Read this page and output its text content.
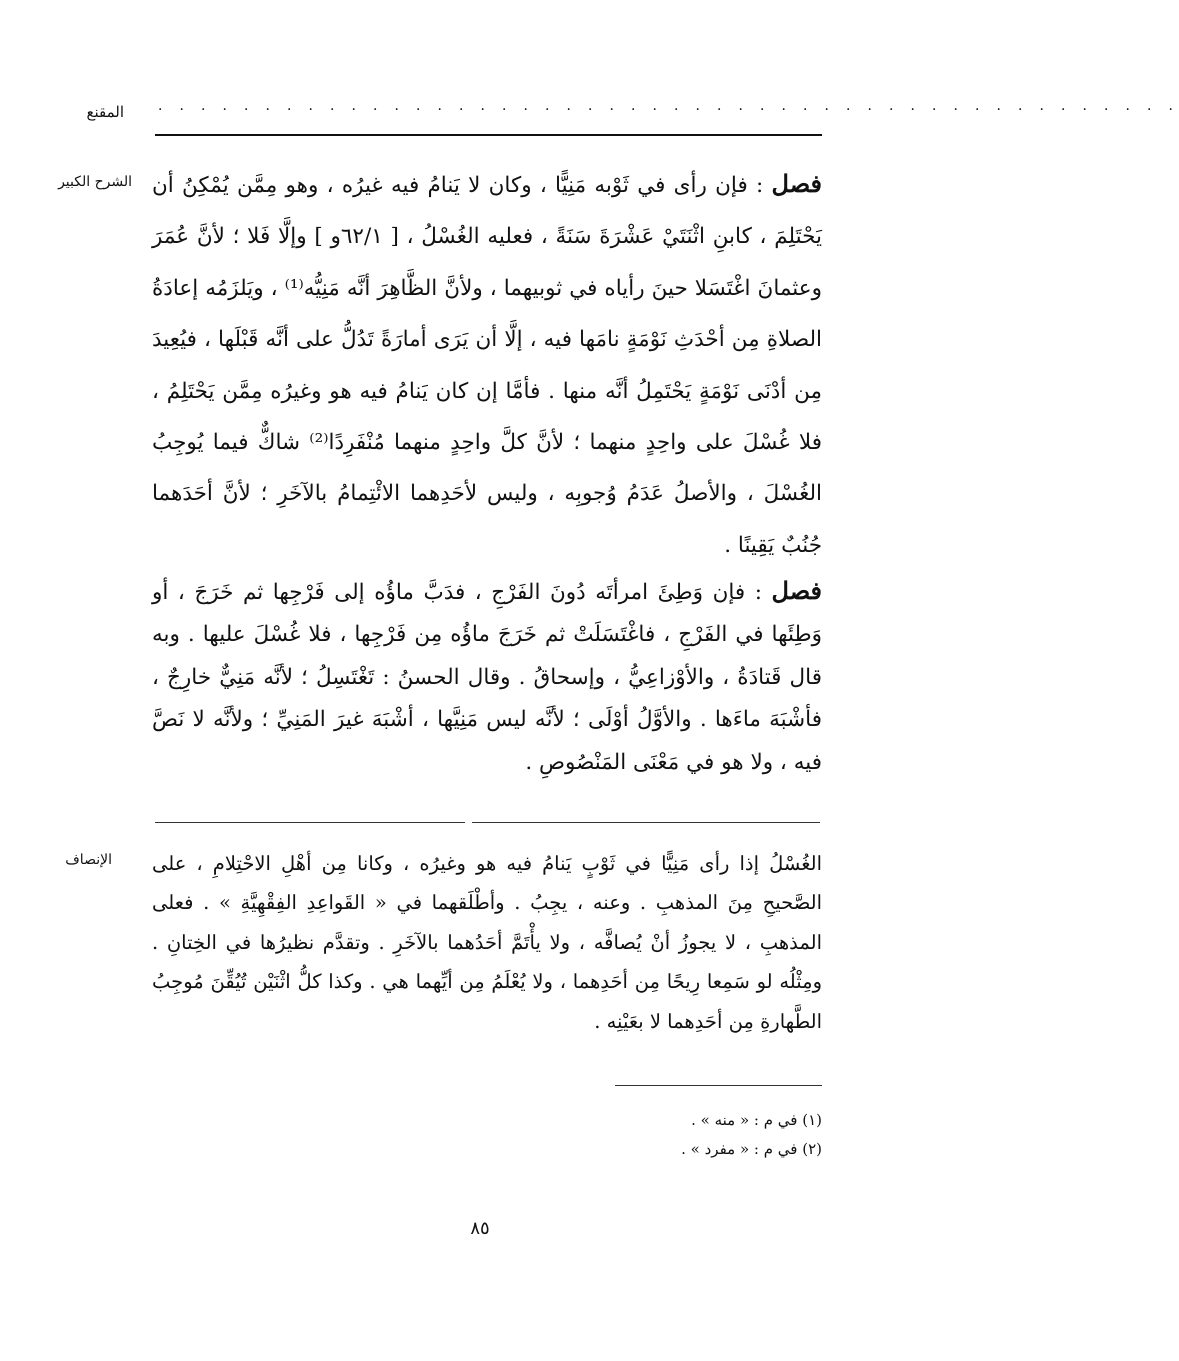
المقنع · · · · · · · · · · · · · · · · · · · · · · · · · · · · · · · · · · · · · · · · · · · · · · · ·
الشرح الكبير	فصل : فإن رأى في ثَوْبه مَنِيًّا ، وكان لا يَنامُ فيه غيرُه ، وهو مِمَّن يُمْكِنُ أن يَحْتَلِمَ ، كابنِ اثْنَتَيْ عَشْرَةَ سَنَةً ، فعليه الغُسْلُ ، [ ٦٢/١و ] وإلَّا فَلا ؛ لأنَّ عُمَرَ وعثمانَ اغْتَسَلا حينَ رأياه في ثوبيهما ، ولأنَّ الظَّاهِرَ أنَّه مَنِيُّه⁽¹⁾ ، ويَلزَمُه إعادَةُ الصلاةِ مِن أحْدَثِ نَوْمَةٍ نامَها فيه ، إلَّا أن يَرَى أمارَةً تَدُلُّ على أنَّه قَبْلَها ، فيُعِيدَ مِن أدْنَى نَوْمَةٍ يَحْتَمِلُ أنَّه منها . فأمَّا إن كان يَنامُ فيه هو وغيرُه مِمَّن يَحْتَلِمُ ، فلا غُسْلَ على واحِدٍ منهما ؛ لأنَّ كلَّ واحِدٍ منهما مُنْفَرِدًا⁽²⁾ شاكٌّ فيما يُوجِبُ الغُسْلَ ، والأصلُ عَدَمُ وُجوبِه ، وليس لأحَدِهما الائْتِمامُ بالآخَرِ ؛ لأنَّ أحَدَهما جُنُبٌ يَقِينًا .

فصل : فإن وَطِئَ امرأتَه دُونَ الفَرْجِ ، فدَبَّ ماؤُه إلى فَرْجِها ثم خَرَجَ ، أو وَطِئَها في الفَرْجِ ، فاغْتَسَلَتْ ثم خَرَجَ ماؤُه مِن فَرْجِها ، فلا غُسْلَ عليها . وبه قال قَتادَةُ ، والأوْزاعِيُّ ، وإسحاقُ . وقال الحسنُ : تَغْتَسِلُ ؛ لأنَّه مَنِيٌّ خارِجٌ ، فأشْبَهَ ماءَها . والأوَّلُ أوْلَى ؛ لأنَّه ليس مَنِيَّها ، أشْبَهَ غيرَ المَنِيِّ ؛ ولأنَّه لا نَصَّ فيه ، ولا هو في مَعْنَى المَنْصُوصِ .

الإنصاف الغُسْلُ إذا رأى مَنِيًّا في ثَوْبٍ يَنامُ فيه هو وغيرُه ، وكانا مِن أهْلِ الاحْتِلامِ ، على الصَّحيحِ مِنَ المذهبِ . وعنه ، يجِبُ . وأطْلَقهما في « القَواعِدِ الفِقْهِيَّةِ » . فعلى المذهبِ ، لا يجوزُ أنْ يُصافَّه ، ولا يأْتَمَّ أحَدُهما بالآخَرِ . وتقدَّم نظيرُها في الخِتانِ . ومِثْلُه لو سَمِعا رِيحًا مِن أحَدِهما ، ولا يُعْلَمُ مِن أيِّهما هي . وكذا كلُّ اثْنَيْن تُيُقِّنَ مُوجِبُ الطَّهارةِ مِن أحَدِهما لا بعَيْنِه .

(١) في م : « منه » .
(٢) في م : « مفرد » .
٨٥
